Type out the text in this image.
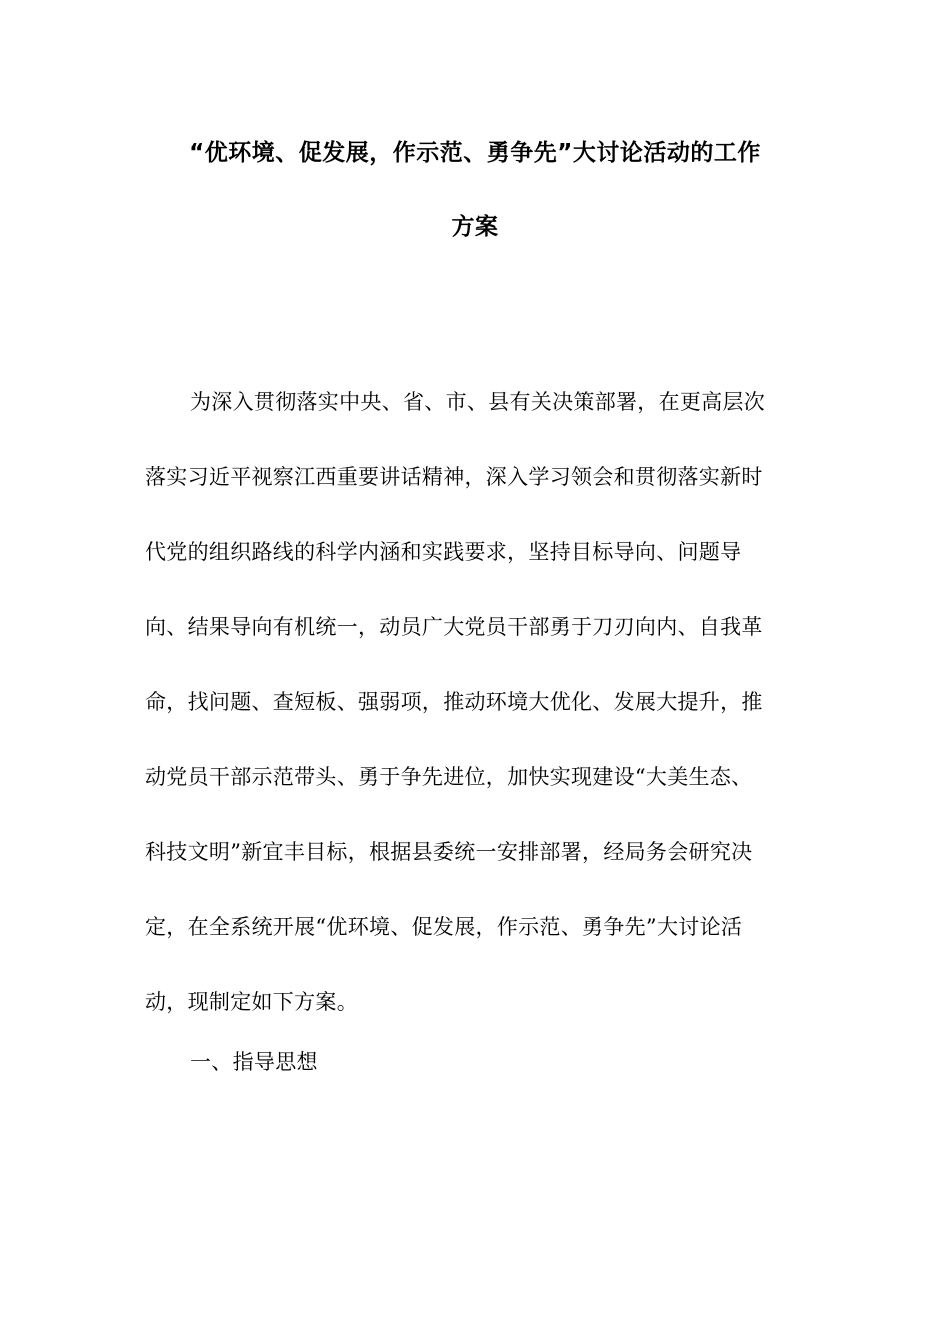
“优环境、促发展，作示范、勇争先”大讨论活动的工作
方案
为深入贯彻落实中央、省、市、县有关决策部署，在更高层次
落实习近平视察江西重要讲话精神，深入学习领会和贯彻落实新时
代党的组织路线的科学内涵和实践要求，坚持目标导向、问题导
向、结果导向有机统一，动员广大党员干部勇于刀刃向内、自我革
命，找问题、查短板、强弱项，推动环境大优化、发展大提升，推
动党员干部示范带头、勇于争先进位，加快实现建设“大美生态、
科技文明”新宜丰目标，根据县委统一安排部署，经局务会研究决
定，在全系统开展“优环境、促发展，作示范、勇争先”大讨论活
动，现制定如下方案。
一、指导思想
